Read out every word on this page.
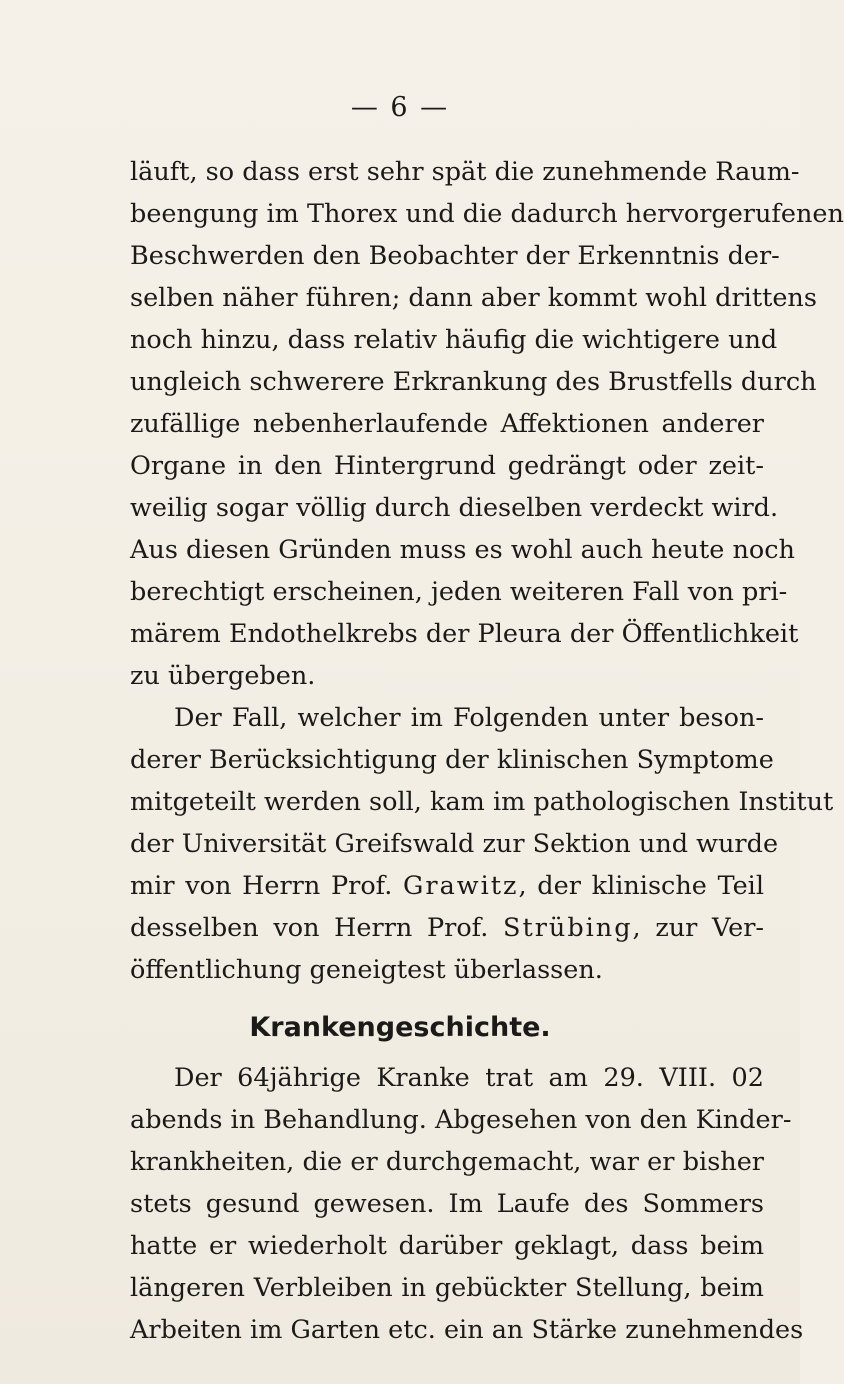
— 6 —
läuft, so dass erst sehr spät die zunehmende Raum-
beengung im Thorex und die dadurch hervorgerufenen
Beschwerden den Beobachter der Erkenntnis der-
selben näher führen; dann aber kommt wohl drittens
noch hinzu, dass relativ häufig die wichtigere und
ungleich schwerere Erkrankung des Brustfells durch
zufällige nebenherlaufende Affektionen anderer
Organe in den Hintergrund gedrängt oder zeit-
weilig sogar völlig durch dieselben verdeckt wird.
Aus diesen Gründen muss es wohl auch heute noch
berechtigt erscheinen, jeden weiteren Fall von pri-
märem Endothelkrebs der Pleura der Öffentlichkeit
zu übergeben.
Der Fall, welcher im Folgenden unter beson-
derer Berücksichtigung der klinischen Symptome
mitgeteilt werden soll, kam im pathologischen Institut
der Universität Greifswald zur Sektion und wurde
mir von Herrn Prof. Grawitz, der klinische Teil
desselben von Herrn Prof. Strübing, zur Ver-
öffentlichung geneigtest überlassen.
Krankengeschichte.
Der 64jährige Kranke trat am 29. VIII. 02
abends in Behandlung. Abgesehen von den Kinder-
krankheiten, die er durchgemacht, war er bisher
stets gesund gewesen. Im Laufe des Sommers
hatte er wiederholt darüber geklagt, dass beim
längeren Verbleiben in gebückter Stellung, beim
Arbeiten im Garten etc. ein an Stärke zunehmendes
